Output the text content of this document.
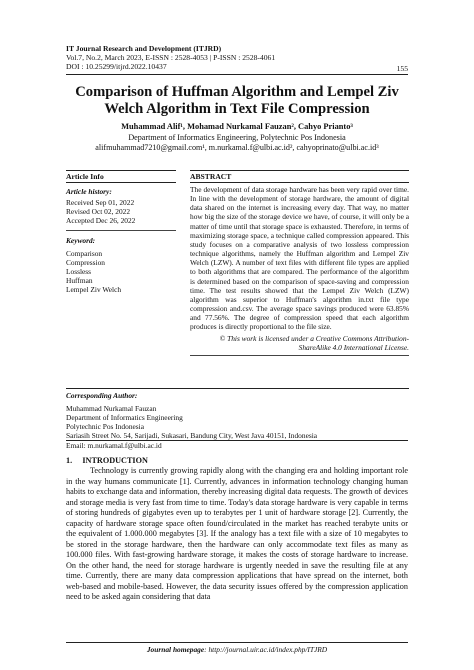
IT Journal Research and Development (ITJRD)
Vol.7, No.2, March 2023, E-ISSN : 2528-4053 | P-ISSN : 2528-4061
DOI : 10.25299/itjrd.2022.10437	155
Comparison of Huffman Algorithm and Lempel Ziv Welch Algorithm in Text File Compression
Muhammad Alif¹, Mohamad Nurkamal Fauzan², Cahyo Prianto³
Department of Informatics Engineering, Polytechnic Pos Indonesia
alifmuhammad7210@gmail.com¹, m.nurkamal.f@ulbi.ac.id², cahyoprinato@ulbi.ac.id³
Article Info
Article history:
Received Sep 01, 2022
Revised Oct 02, 2022
Accepted Dec 26, 2022
Keyword:
Comparison
Compression
Lossless
Huffman
Lempel Ziv Welch
ABSTRACT
The development of data storage hardware has been very rapid over time. In line with the development of storage hardware, the amount of digital data shared on the internet is increasing every day. That way, no matter how big the size of the storage device we have, of course, it will only be a matter of time until that storage space is exhausted. Therefore, in terms of maximizing storage space, a technique called compression appeared. This study focuses on a comparative analysis of two lossless compression technique algorithms, namely the Huffman algorithm and Lempel Ziv Welch (LZW). A number of text files with different file types are applied to both algorithms that are compared. The performance of the algorithm is determined based on the comparison of space-saving and compression time. The test results showed that the Lempel Ziv Welch (LZW) algorithm was superior to Huffman's algorithm in.txt file type compression and.csv. The average space savings produced were 63.85% and 77.56%. The degree of compression speed that each algorithm produces is directly proportional to the file size.
© This work is licensed under a Creative Commons Attribution-
ShareAlike 4.0 International License.
Corresponding Author:
Muhammad Nurkamal Fauzan
Department of Informatics Engineering
Polytechnic Pos Indonesia
Sariasih Street No. 54, Sarijadi, Sukasari, Bandung City, West Java 40151, Indonesia
Email: m.nurkamal.f@ulbi.ac.id
1.     INTRODUCTION
Technology is currently growing rapidly along with the changing era and holding important role in the way humans communicate [1]. Currently, advances in information technology changing human habits to exchange data and information, thereby increasing digital data requests. The growth of devices and storage media is very fast from time to time. Today's data storage hardware is very capable in terms of storing hundreds of gigabytes even up to terabytes per 1 unit of hardware storage [2]. Currently, the capacity of hardware storage space often found/circulated in the market has reached terabyte units or the equivalent of 1.000.000 megabytes [3]. If the analogy has a text file with a size of 10 megabytes to be stored in the storage hardware, then the hardware can only accommodate text files as many as 100.000 files. With fast-growing hardware storage, it makes the costs of storage hardware to increase. On the other hand, the need for storage hardware is urgently needed in save the resulting file at any time. Currently, there are many data compression applications that have spread on the internet, both web-based and mobile-based. However, the data security issues offered by the compression application need to be asked again considering that data
Journal homepage: http://journal.uir.ac.id/index.php/ITJRD
